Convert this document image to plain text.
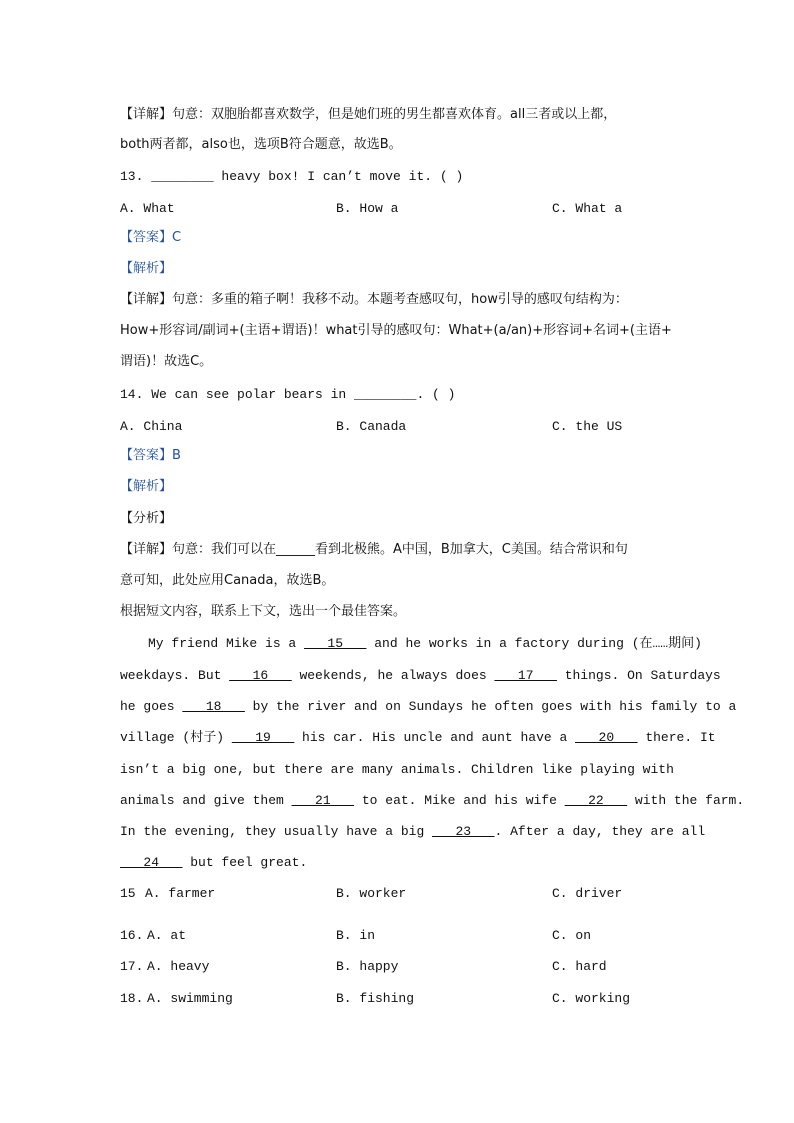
【详解】句意：双胞胎都喜欢数学，但是她们班的男生都喜欢体育。all三者或以上都，
both两者都，also也，选项B符合题意，故选B。
13. ________ heavy box! I can’t move it. ( )
A. What	B. How a	C. What a
【答案】C
【解析】
【详解】句意：多重的箱子啊！我移不动。本题考查感叹句，how引导的感叹句结构为：
How+形容词/副词+(主语+谓语)！what引导的感叹句：What+(a/an)+形容词+名词+(主语+
谓语)！故选C。
14. We can see polar bears in ________. ( )
A. China	B. Canada	C. the US
【答案】B
【解析】
【分析】
【详解】句意：我们可以在______看到北极熊。A中国，B加拿大，C美国。结合常识和句
意可知，此处应用Canada，故选B。
根据短文内容，联系上下文，选出一个最佳答案。
My friend Mike is a ___15___ and he works in a factory during (在……期间)
weekdays. But ___16___ weekends, he always does ___17___ things. On Saturdays
he goes ___18___ by the river and on Sundays he often goes with his family to a
village (村子) ___19___ his car. His uncle and aunt have a ___20___ there. It
isn’t a big one, but there are many animals. Children like playing with
animals and give them ___21___ to eat. Mike and his wife ___22___ with the farm.
In the evening, they usually have a big ___23___. After a day, they are all
___24___ but feel great.
15 A. farmer	B. worker	C. driver
16. A. at	B. in	C. on
17. A. heavy	B. happy	C. hard
18. A. swimming	B. fishing	C. working
